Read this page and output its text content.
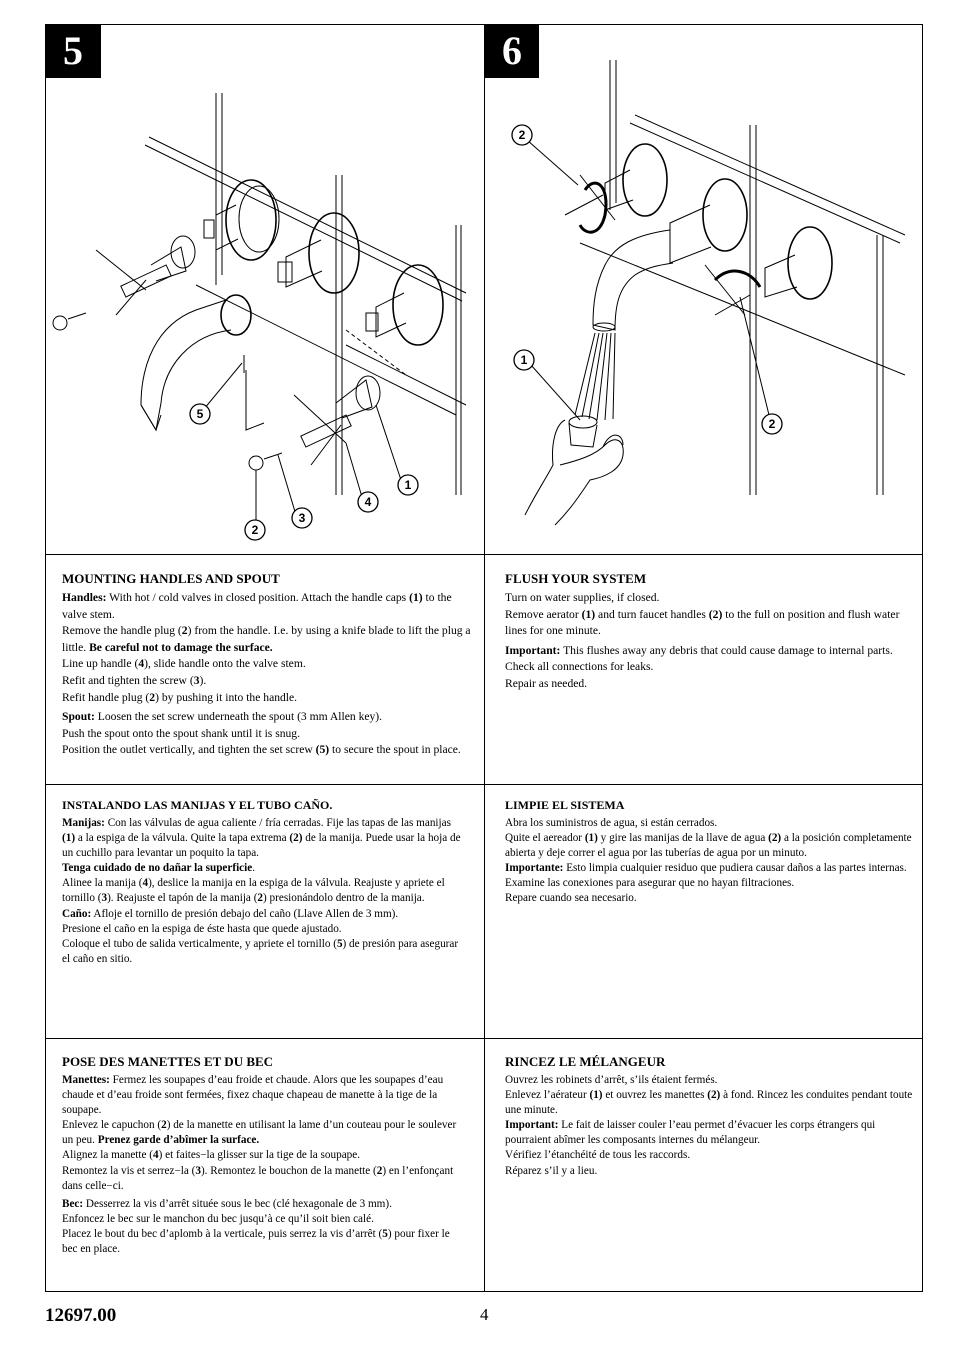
5
5
2
3
4
1
6
2
1
2
MOUNTING HANDLES AND SPOUT

Handles: With hot / cold valves in closed position. Attach the handle caps (1) to the valve stem.

Remove the handle plug (2) from the handle. I.e. by using a knife blade to lift the plug a little. Be careful not to damage the surface.

Line up handle (4), slide handle onto the valve stem.

Refit and tighten the screw (3).

Refit handle plug (2) by pushing it into the handle.

Spout: Loosen the set screw underneath the spout (3 mm Allen key).

Push the spout onto the spout shank until it is snug.

Position the outlet vertically, and tighten the set screw (5) to secure the spout in place.

FLUSH YOUR SYSTEM

Turn on water supplies, if closed.

Remove aerator (1) and turn faucet handles (2) to the full on position and flush water lines for one minute.

Important: This flushes away any debris that could cause damage to internal parts.

Check all connections for leaks.

Repair as needed.

INSTALANDO LAS MANIJAS Y EL TUBO CAÑO.

Manijas: Con las válvulas de agua caliente / fría cerradas. Fije las tapas de las manijas (1) a la espiga de la válvula. Quite la tapa extrema (2) de la manija. Puede usar la hoja de un cuchillo para levantar un poquito la tapa.

Tenga cuidado de no dañar la superficie.

Alinee la manija (4), deslice la manija en la espiga de la válvula. Reajuste y apriete el tornillo (3). Reajuste el tapón de la manija (2) presionándolo dentro de la manija.

Caño: Afloje el tornillo de presión debajo del caño (Llave Allen de 3 mm).

Presione el caño en la espiga de éste hasta que quede ajustado.

Coloque el tubo de salida verticalmente, y apriete el tornillo (5) de presión para asegurar el caño en sitio.

LIMPIE EL SISTEMA

Abra los suministros de agua, si están cerrados.

Quite el aereador (1) y gire las manijas de la llave de agua (2) a la posición completamente abierta y deje correr el agua por las tuberías de agua por un minuto.

Importante: Esto limpia cualquier residuo que pudiera causar daños a las partes internas.

Examine las conexiones para asegurar que no hayan filtraciones.

Repare cuando sea necesario.

POSE DES MANETTES ET DU BEC

Manettes: Fermez les soupapes d’eau froide et chaude. Alors que les soupapes d’eau chaude et d’eau froide sont fermées, fixez chaque chapeau de manette à la tige de la soupape.

Enlevez le capuchon (2) de la manette en utilisant la lame d’un couteau pour le soulever un peu. Prenez garde d’abîmer la surface.

Alignez la manette (4) et faites−la glisser sur la tige de la soupape.

Remontez la vis et serrez−la (3). Remontez le bouchon de la manette (2) en l’enfonçant dans celle−ci.

Bec: Desserrez la vis d’arrêt située sous le bec (clé hexagonale de 3 mm).

Enfoncez le bec sur le manchon du bec jusqu’à ce qu’il soit bien calé.

Placez le bout du bec d’aplomb à la verticale, puis serrez la vis d’arrêt (5) pour fixer le bec en place.

RINCEZ LE MÉLANGEUR

Ouvrez les robinets d’arrêt, s’ils étaient fermés.

Enlevez l’aérateur (1) et ouvrez les manettes (2) à fond. Rincez les conduites pendant toute une minute.

Important: Le fait de laisser couler l’eau permet d’évacuer les corps étrangers qui pourraient abîmer les composants internes du mélangeur.

Vérifiez l’étanchéité de tous les raccords.

Réparez s’il y a lieu.

12697.00	4
